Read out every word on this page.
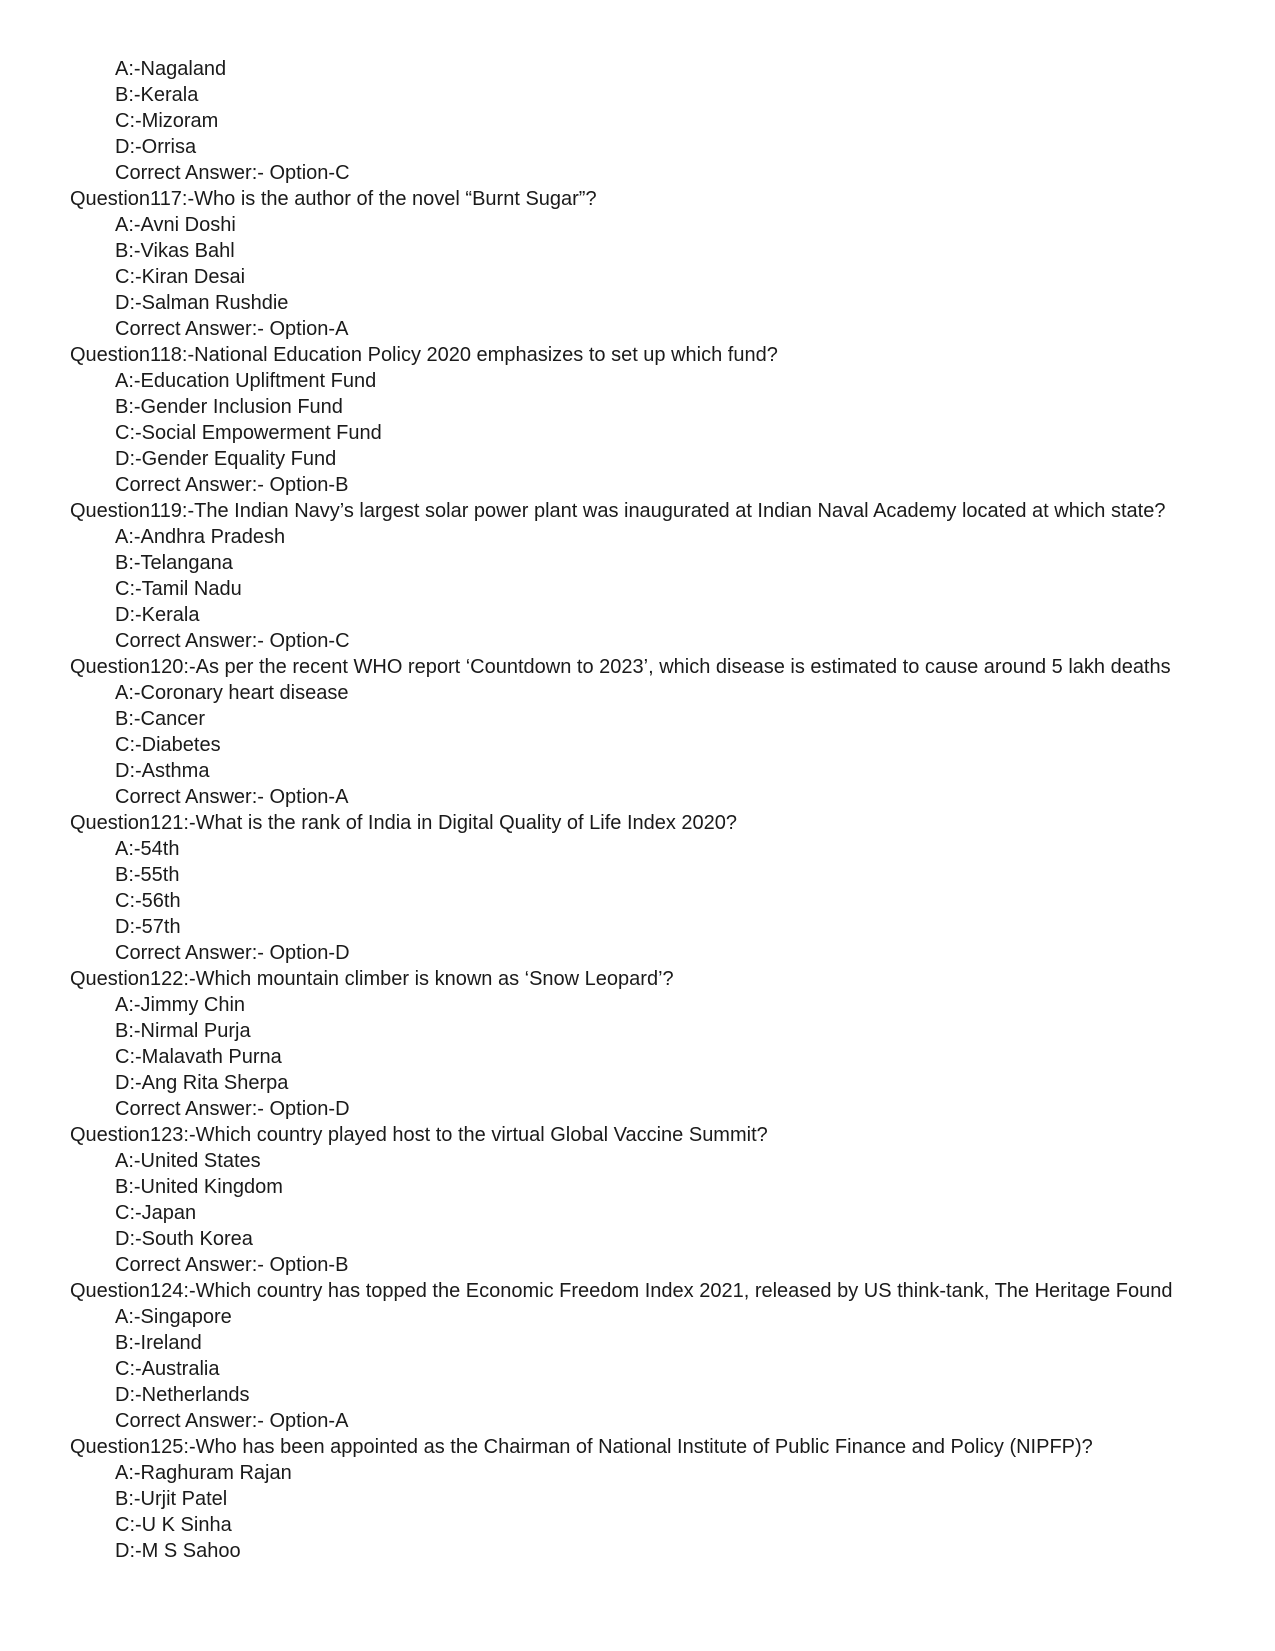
A:-Nagaland
B:-Kerala
C:-Mizoram
D:-Orrisa
Correct Answer:- Option-C
Question117:-Who is the author of the novel “Burnt Sugar”?
A:-Avni Doshi
B:-Vikas Bahl
C:-Kiran Desai
D:-Salman Rushdie
Correct Answer:- Option-A
Question118:-National Education Policy 2020 emphasizes to set up which fund?
A:-Education Upliftment Fund
B:-Gender Inclusion Fund
C:-Social Empowerment Fund
D:-Gender Equality Fund
Correct Answer:- Option-B
Question119:-The Indian Navy’s largest solar power plant was inaugurated at Indian Naval Academy located at which state?
A:-Andhra Pradesh
B:-Telangana
C:-Tamil Nadu
D:-Kerala
Correct Answer:- Option-C
Question120:-As per the recent WHO report ‘Countdown to 2023’, which disease is estimated to cause around 5 lakh deaths
A:-Coronary heart disease
B:-Cancer
C:-Diabetes
D:-Asthma
Correct Answer:- Option-A
Question121:-What is the rank of India in Digital Quality of Life Index 2020?
A:-54th
B:-55th
C:-56th
D:-57th
Correct Answer:- Option-D
Question122:-Which mountain climber is known as ‘Snow Leopard’?
A:-Jimmy Chin
B:-Nirmal Purja
C:-Malavath Purna
D:-Ang Rita Sherpa
Correct Answer:- Option-D
Question123:-Which country played host to the virtual Global Vaccine Summit?
A:-United States
B:-United Kingdom
C:-Japan
D:-South Korea
Correct Answer:- Option-B
Question124:-Which country has topped the Economic Freedom Index 2021, released by US think-tank, The Heritage Found
A:-Singapore
B:-Ireland
C:-Australia
D:-Netherlands
Correct Answer:- Option-A
Question125:-Who has been appointed as the Chairman of National Institute of Public Finance and Policy (NIPFP)?
A:-Raghuram Rajan
B:-Urjit Patel
C:-U K Sinha
D:-M S Sahoo
